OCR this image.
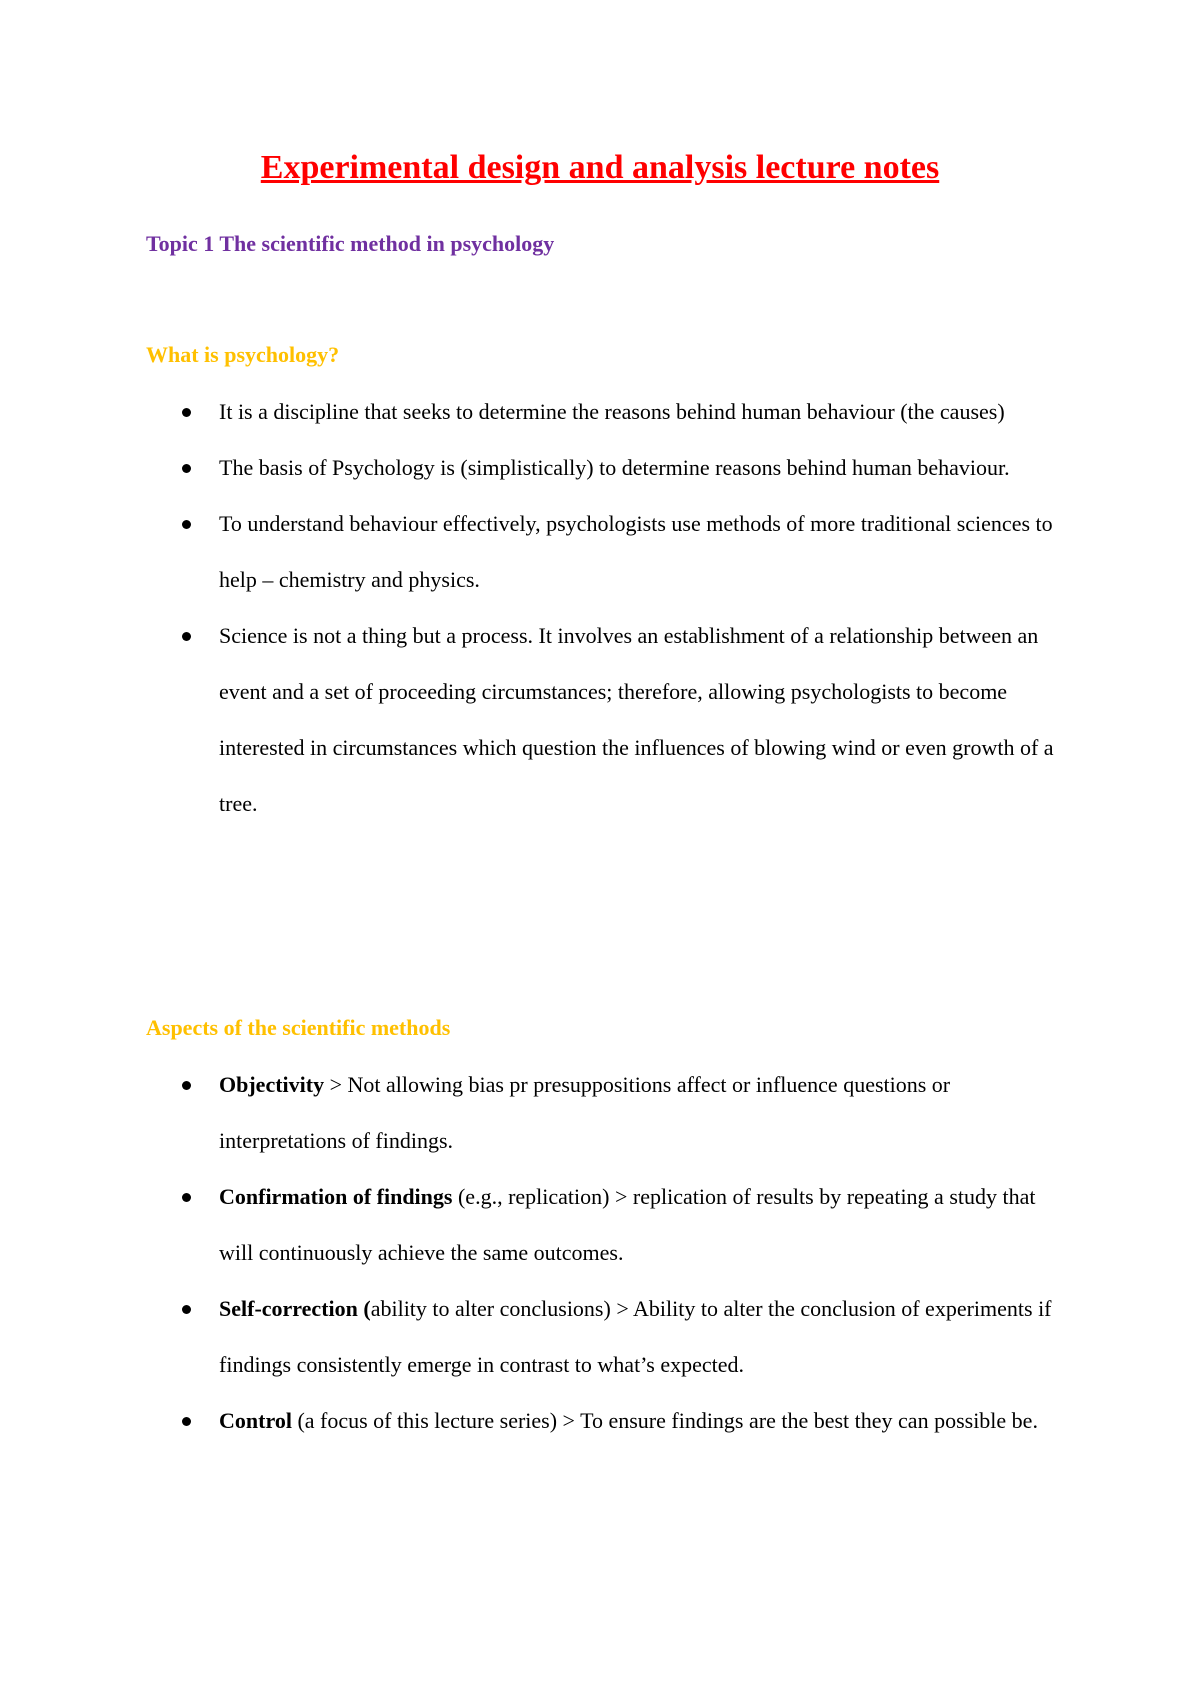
Experimental design and analysis lecture notes
Topic 1 The scientific method in psychology
What is psychology?
It is a discipline that seeks to determine the reasons behind human behaviour (the causes)
The basis of Psychology is (simplistically) to determine reasons behind human behaviour.
To understand behaviour effectively, psychologists use methods of more traditional sciences to help – chemistry and physics.
Science is not a thing but a process. It involves an establishment of a relationship between an event and a set of proceeding circumstances; therefore, allowing psychologists to become interested in circumstances which question the influences of blowing wind or even growth of a tree.
Aspects of the scientific methods
Objectivity > Not allowing bias pr presuppositions affect or influence questions or interpretations of findings.
Confirmation of findings (e.g., replication) > replication of results by repeating a study that will continuously achieve the same outcomes.
Self-correction (ability to alter conclusions) > Ability to alter the conclusion of experiments if findings consistently emerge in contrast to what’s expected.
Control (a focus of this lecture series) > To ensure findings are the best they can possible be.
